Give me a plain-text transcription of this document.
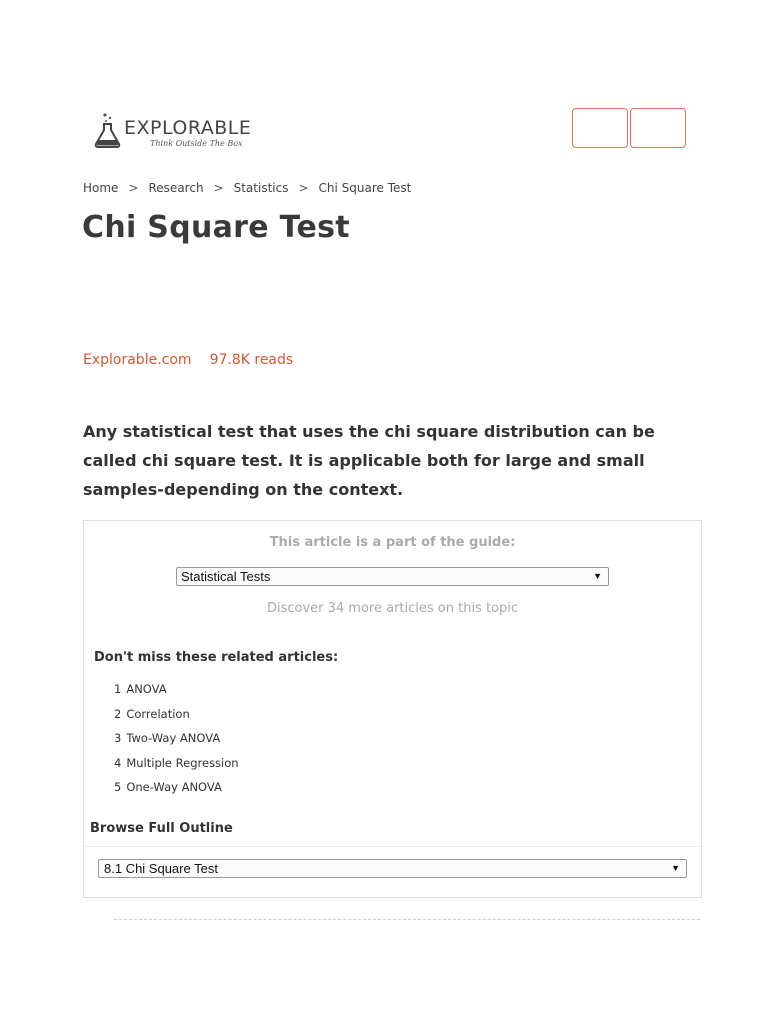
EXPLORABLE
Think Outside The Box
Home > Research > Statistics > Chi Square Test
Chi Square Test
Explorable.com 97.8K reads

Any statistical test that uses the chi square distribution can be called chi square test. It is applicable both for large and small samples-depending on the context.

This article is a part of the guide:
Statistical Tests	▼
Discover 34 more articles on this topic
Don't miss these related articles:
1 ANOVA
2 Correlation
3 Two-Way ANOVA
4 Multiple Regression
5 One-Way ANOVA
Browse Full Outline
8.1 Chi Square Test	▼
